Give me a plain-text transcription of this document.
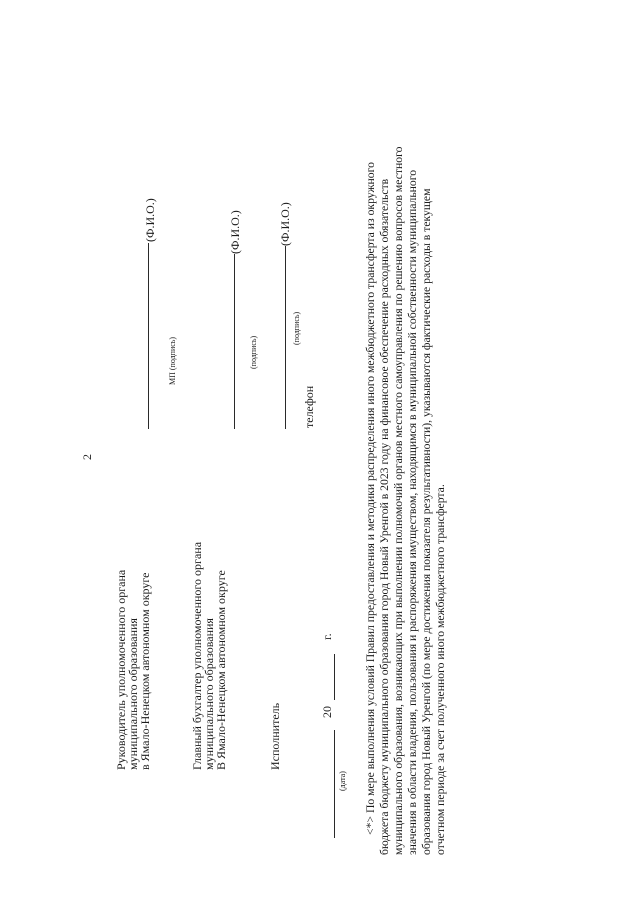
2
Руководитель уполномоченного органа
муниципального образования
в Ямало-Ненецком автономном округе
МП (подпись)
(Ф.И.О.)
Главный бухгалтер уполномоченного органа
муниципального образования
В Ямало-Ненецком автономном округе
(подпись)
(Ф.И.О.)
Исполнитель
(подпись)
(Ф.И.О.)
телефон
(дата)
20
г.	<*> По мере выполнения условий Правил предоставления и методики распределения иного межбюджетного трансферта из окружного бюджета бюджету муниципального образования город Новый Уренгой в 2023 году на финансовое обеспечение расходных обязательств муниципального образования, возникающих при выполнении полномочий органов местного самоуправления по решению вопросов местного значения в области владения, пользования и распоряжения имуществом, находящимся в муниципальной собственности муниципального образования город Новый Уренгой (по мере достижения показателя результативности), указываются фактические расходы в текущем отчетном периоде за счет полученного иного межбюджетного трансферта.
